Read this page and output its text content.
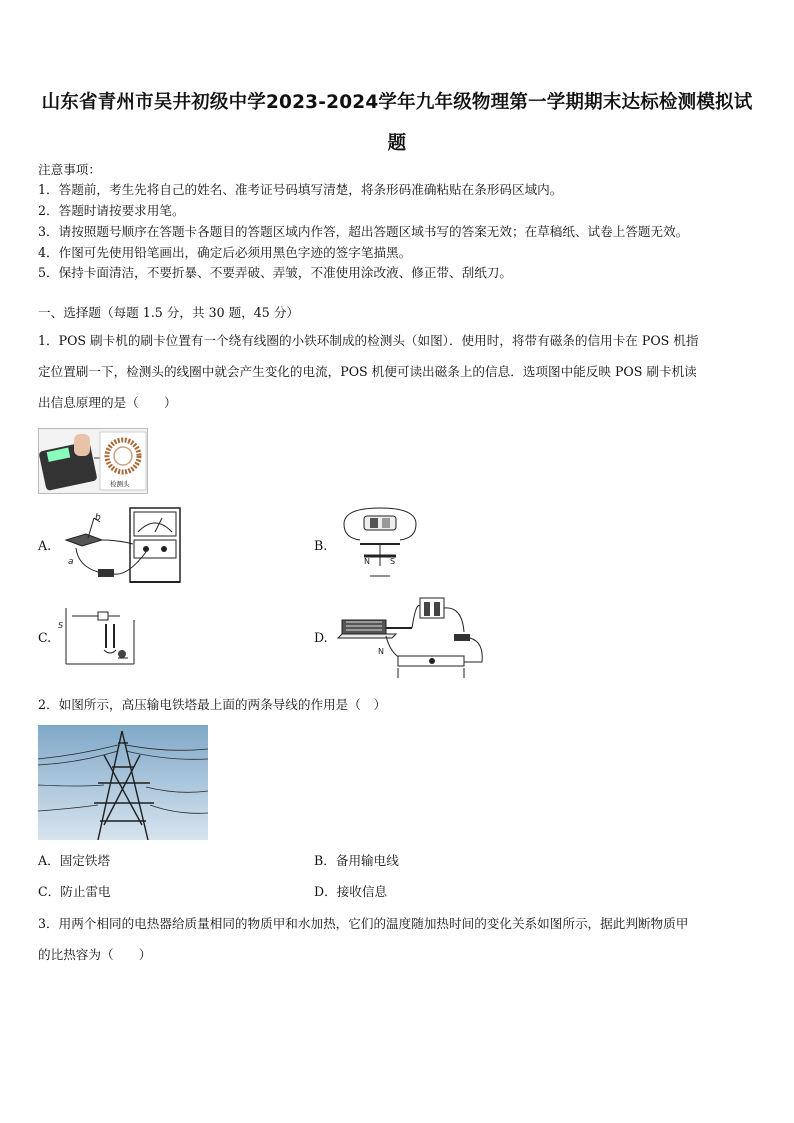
山东省青州市吴井初级中学2023-2024学年九年级物理第一学期期末达标检测模拟试
题
注意事项：
1．答题前，考生先将自己的姓名、准考证号码填写清楚，将条形码准确粘贴在条形码区域内。
2．答题时请按要求用笔。
3．请按照题号顺序在答题卡各题目的答题区域内作答，超出答题区域书写的答案无效；在草稿纸、试卷上答题无效。
4．作图可先使用铅笔画出，确定后必须用黑色字迹的签字笔描黑。
5．保持卡面清洁，不要折暴、不要弄破、弄皱，不准使用涂改液、修正带、刮纸刀。
一、选择题（每题 1.5 分，共 30 题，45 分）
1．POS 刷卡机的刷卡位置有一个绕有线圈的小铁环制成的检测头（如图）．使用时，将带有磁条的信用卡在 POS 机指
定位置刷一下，检测头的线圈中就会产生变化的电流，POS 机便可读出磁条上的信息．选项图中能反映 POS 刷卡机读
出信息原理的是（　　）
检测头
A.
b
a
B.
N	S
C.
S
D.
N
2．如图所示，高压输电铁塔最上面的两条导线的作用是（　）
A．固定铁塔	B．备用输电线
C．防止雷电	D．接收信息
3．用两个相同的电热器给质量相同的物质甲和水加热，它们的温度随加热时间的变化关系如图所示，据此判断物质甲
的比热容为（　　）
